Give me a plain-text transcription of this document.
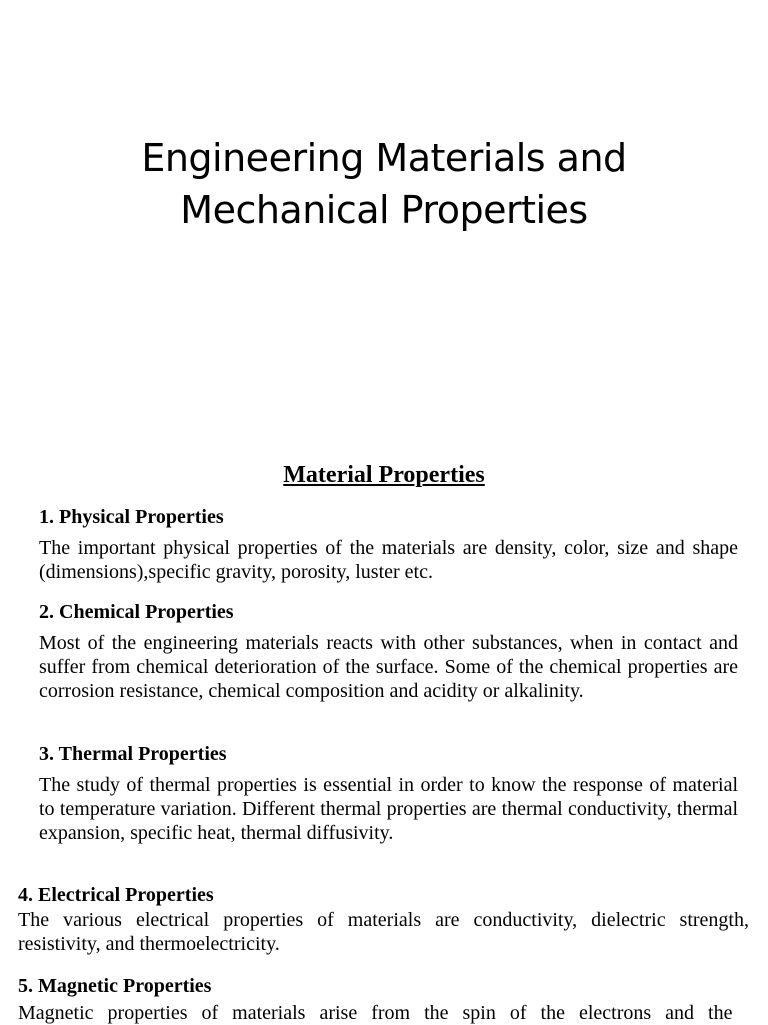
Engineering Materials and
Mechanical Properties
Material Properties

1. Physical Properties

The important physical properties of the materials are density, color, size and shape (dimensions),specific gravity, porosity, luster etc.

2. Chemical Properties

Most of the engineering materials reacts with other substances, when in contact and suffer from chemical deterioration of the surface. Some of the chemical properties are corrosion resistance, chemical composition and acidity or alkalinity.

3. Thermal Properties

The study of thermal properties is essential in order to know the response of material to temperature variation. Different thermal properties are thermal conductivity, thermal expansion, specific heat, thermal diffusivity.

4. Electrical Properties

The various electrical properties of materials are conductivity, dielectric strength, resistivity, and thermoelectricity.

5. Magnetic Properties

Magnetic properties of materials arise from the spin of the electrons and the
